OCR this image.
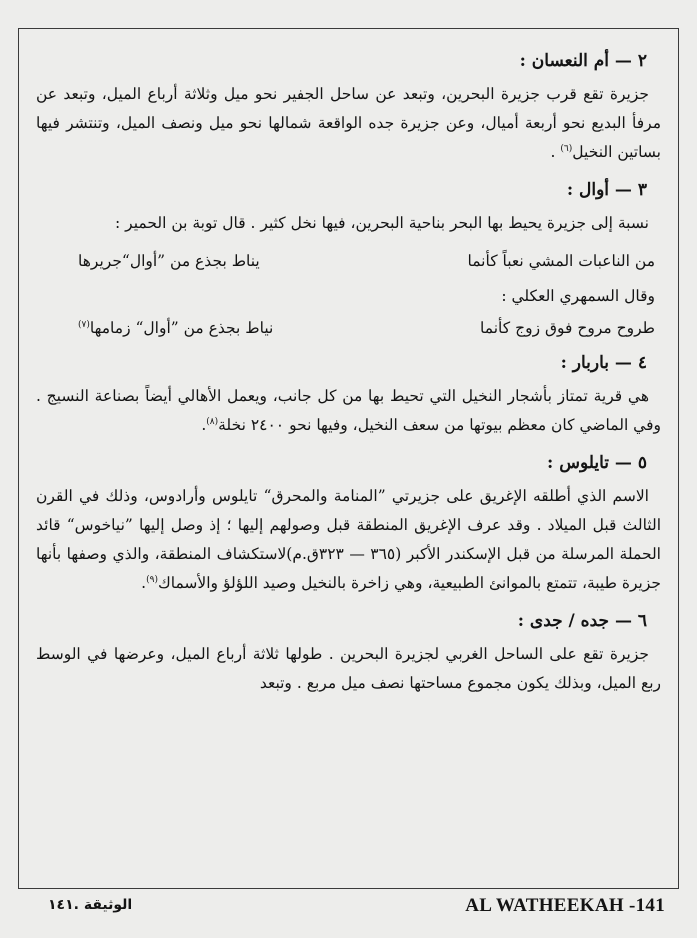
٢ — أم النعسان :

جزيرة تقع قرب جزيرة البحرين، وتبعد عن ساحل الجفير نحو ميل وثلاثة أرباع الميل، وتبعد عن مرفأ البديع نحو أربعة أميال، وعن جزيرة جده الواقعة شمالها نحو ميل ونصف الميل، وتنتشر فيها بساتين النخيل$^{(٦)}$ .

٣ — أوال :

نسبة إلى جزيرة يحيط بها البحر بناحية البحرين، فيها نخل كثير . قال توبة بن الحمير :

من الناعبات المشي نعباً كأنما
يناط بجذع من ”أوال“جريرها
وقال السمهري العكلي :
طروح مروح فوق زوج كأنما
نياط بجذع من ”أوال“ زمامها$^{(٧)}$
٤ — باربار :

هي قرية تمتاز بأشجار النخيل التي تحيط بها من كل جانب، ويعمل الأهالي أيضاً بصناعة النسيج . وفي الماضي كان معظم بيوتها من سعف النخيل، وفيها نحو ٢٤٠٠ نخلة$^{(٨)}$.

٥ — تايلوس :

الاسم الذي أطلقه الإغريق على جزيرتي ”المنامة والمحرق“ تايلوس وأرادوس، وذلك في القرن الثالث قبل الميلاد . وقد عرف الإغريق المنطقة قبل وصولهم إليها ؛ إذ وصل إليها ”نياخوس“ قائد الحملة المرسلة من قبل الإسكندر الأكبر (٣٦٥ — ٣٢٣ق.م)لاستكشاف المنطقة، والذي وصفها بأنها جزيرة طيبة، تتمتع بالموانئ الطبيعية، وهي زاخرة بالنخيل وصيد اللؤلؤ والأسماك$^{(٩)}$.

٦ — جده / جدى :

جزيرة تقع على الساحل الغربي لجزيرة البحرين . طولها ثلاثة أرباع الميل، وعرضها في الوسط ربع الميل، وبذلك يكون مجموع مساحتها نصف ميل مربع . وتبعد

الوثيقة .١٤١	AL WATHEEKAH -141
